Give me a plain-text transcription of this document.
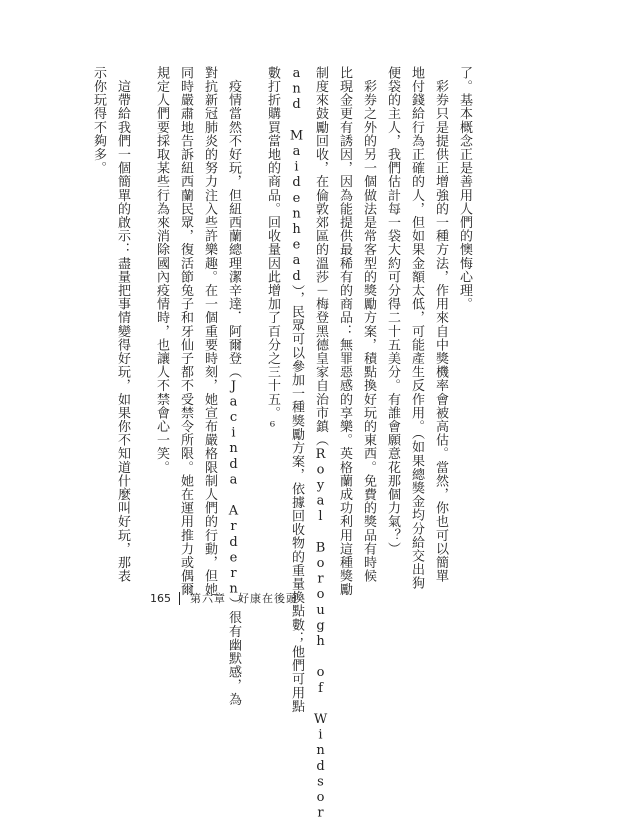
了。基本概念正是善用人們的懊悔心理。
　彩券只是提供正增強的一種方法，作用來自中獎機率會被高估。當然，你也可以簡單
地付錢給行為正確的人，但如果金額太低，可能產生反作用。（如果總獎金均分給交出狗
便袋的主人，我們估計每一袋大約可分得二十五美分。有誰會願意花那個力氣？）
　彩券之外的另一個做法是常客型的獎勵方案，積點換好玩的東西。免費的獎品有時候
比現金更有誘因，因為能提供最稀有的商品：無罪惡感的享樂。英格蘭成功利用這種獎勵
制度來鼓勵回收，在倫敦郊區的溫莎－梅登黑德皇家自治市鎮（Royal Borough of Windsor
and Maidenhead），民眾可以參加一種獎勵方案，依據回收物的重量換點數；他們可用點
數打折購買當地的商品。回收量因此增加了百分之三十五。⁶
　疫情當然不好玩，但紐西蘭總理潔辛達．阿爾登（Jacinda Ardern）很有幽默感，為
對抗新冠肺炎的努力注入些許樂趣。在一個重要時刻，她宣布嚴格限制人們的行動，但她
同時嚴肅地告訴紐西蘭民眾，復活節兔子和牙仙子都不受禁令所限。她在運用推力或偶爾
規定人們要採取某些行為來消除國內疫情時，也讓人不禁會心一笑。
　這帶給我們一個簡單的啟示：盡量把事情變得好玩，如果你不知道什麼叫好玩，那表
示你玩得不夠多。
165	第六章　好康在後頭
